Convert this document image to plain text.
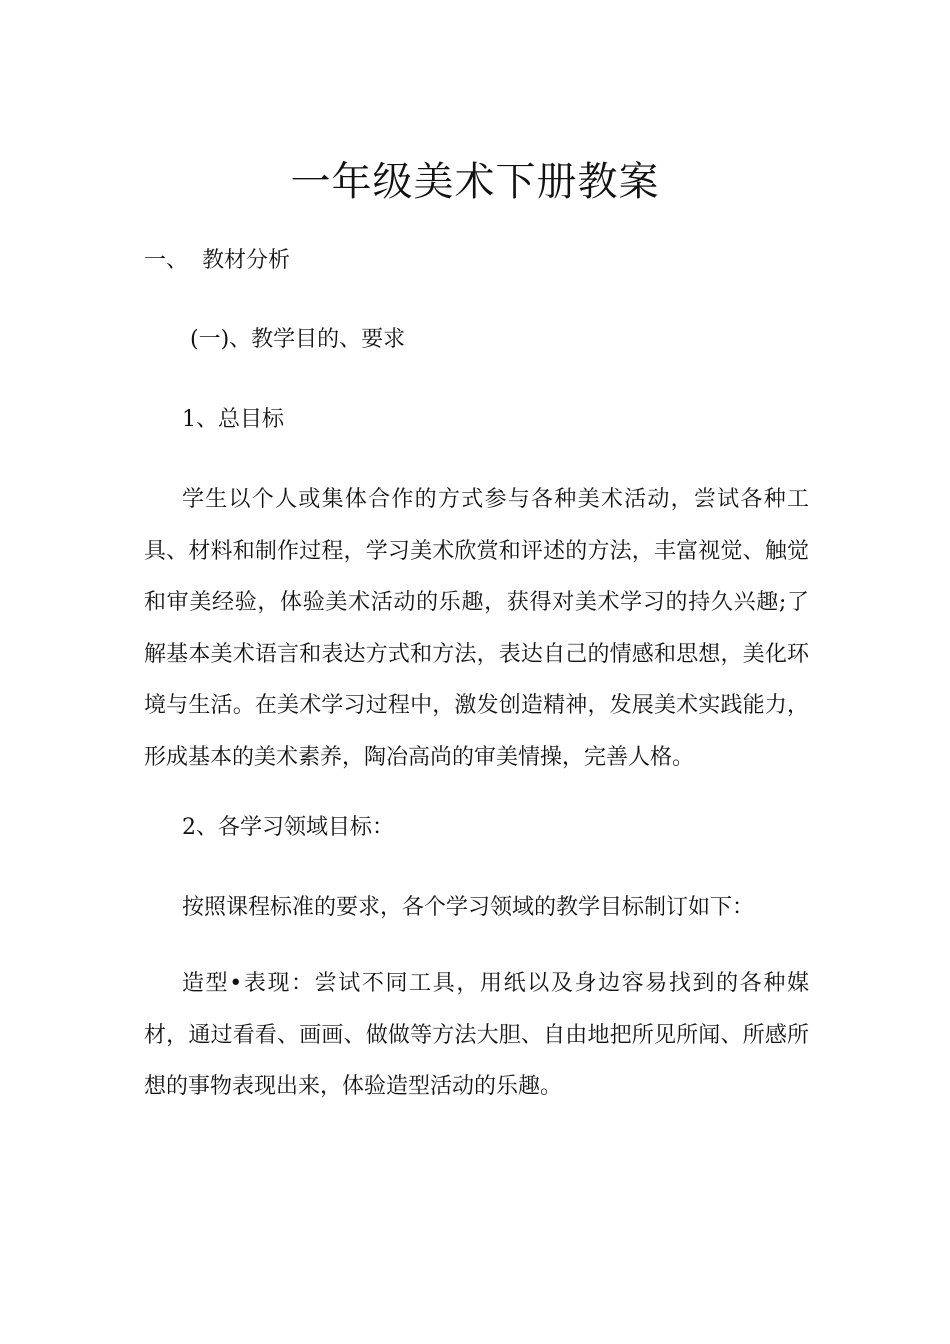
一年级美术下册教案

一、 教材分析

(一)、教学目的、要求

1、总目标

学生以个人或集体合作的方式参与各种美术活动，尝试各种工具、材料和制作过程，学习美术欣赏和评述的方法，丰富视觉、触觉和审美经验，体验美术活动的乐趣，获得对美术学习的持久兴趣;了解基本美术语言和表达方式和方法，表达自己的情感和思想，美化环境与生活。在美术学习过程中，激发创造精神，发展美术实践能力，形成基本的美术素养，陶冶高尚的审美情操，完善人格。

2、各学习领域目标：

按照课程标准的要求，各个学习领域的教学目标制订如下：

造型•表现：尝试不同工具，用纸以及身边容易找到的各种媒材，通过看看、画画、做做等方法大胆、自由地把所见所闻、所感所想的事物表现出来，体验造型活动的乐趣。
